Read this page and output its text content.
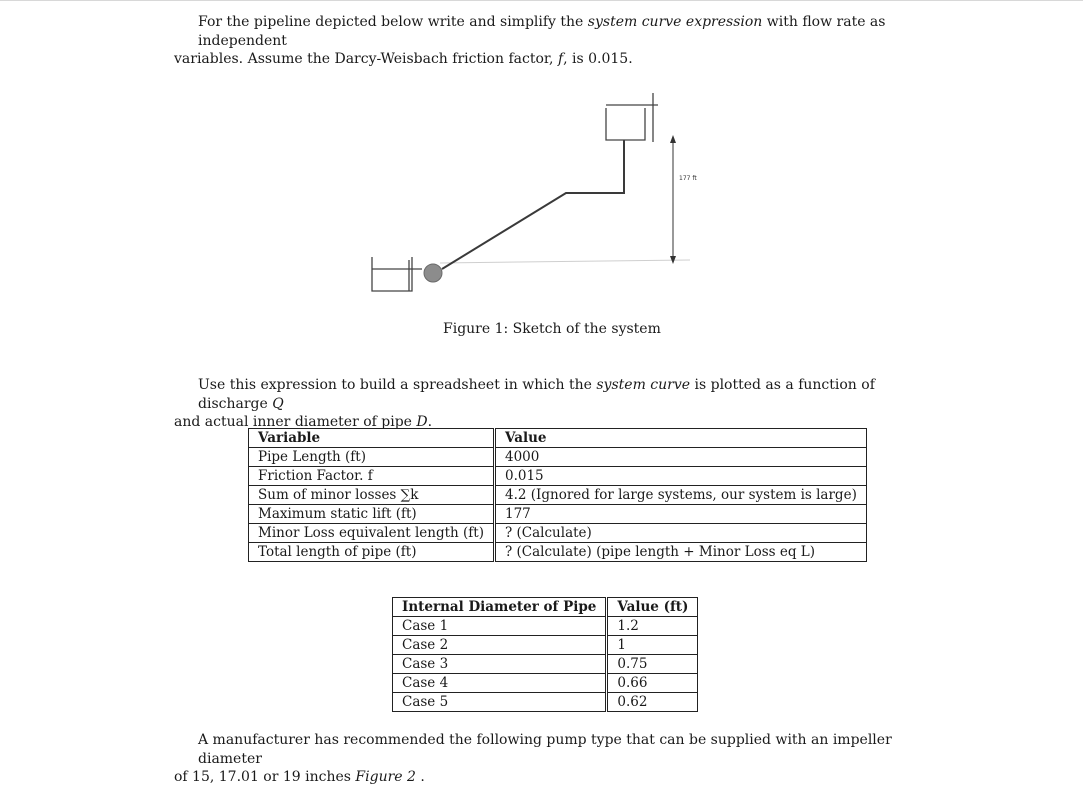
For the pipeline depicted below write and simplify the system curve expression with flow rate as independent
variables. Assume the Darcy-Weisbach friction factor, f, is 0.015.
177 ft
Figure 1: Sketch of the system
Use this expression to build a spreadsheet in which the system curve is plotted as a function of discharge Q
and actual inner diameter of pipe D.
Variable	Value
Pipe Length (ft)	4000
Friction Factor. f	0.015
Sum of minor losses ∑k	4.2 (Ignored for large systems, our system is large)
Maximum static lift (ft)	177
Minor Loss equivalent length (ft)	? (Calculate)
Total length of pipe (ft)	? (Calculate) (pipe length + Minor Loss eq L)
Internal Diameter of Pipe	Value (ft)
Case 1	1.2
Case 2	1
Case 3	0.75
Case 4	0.66
Case 5	0.62
A manufacturer has recommended the following pump type that can be supplied with an impeller diameter
of 15, 17.01 or 19 inches Figure 2 .
